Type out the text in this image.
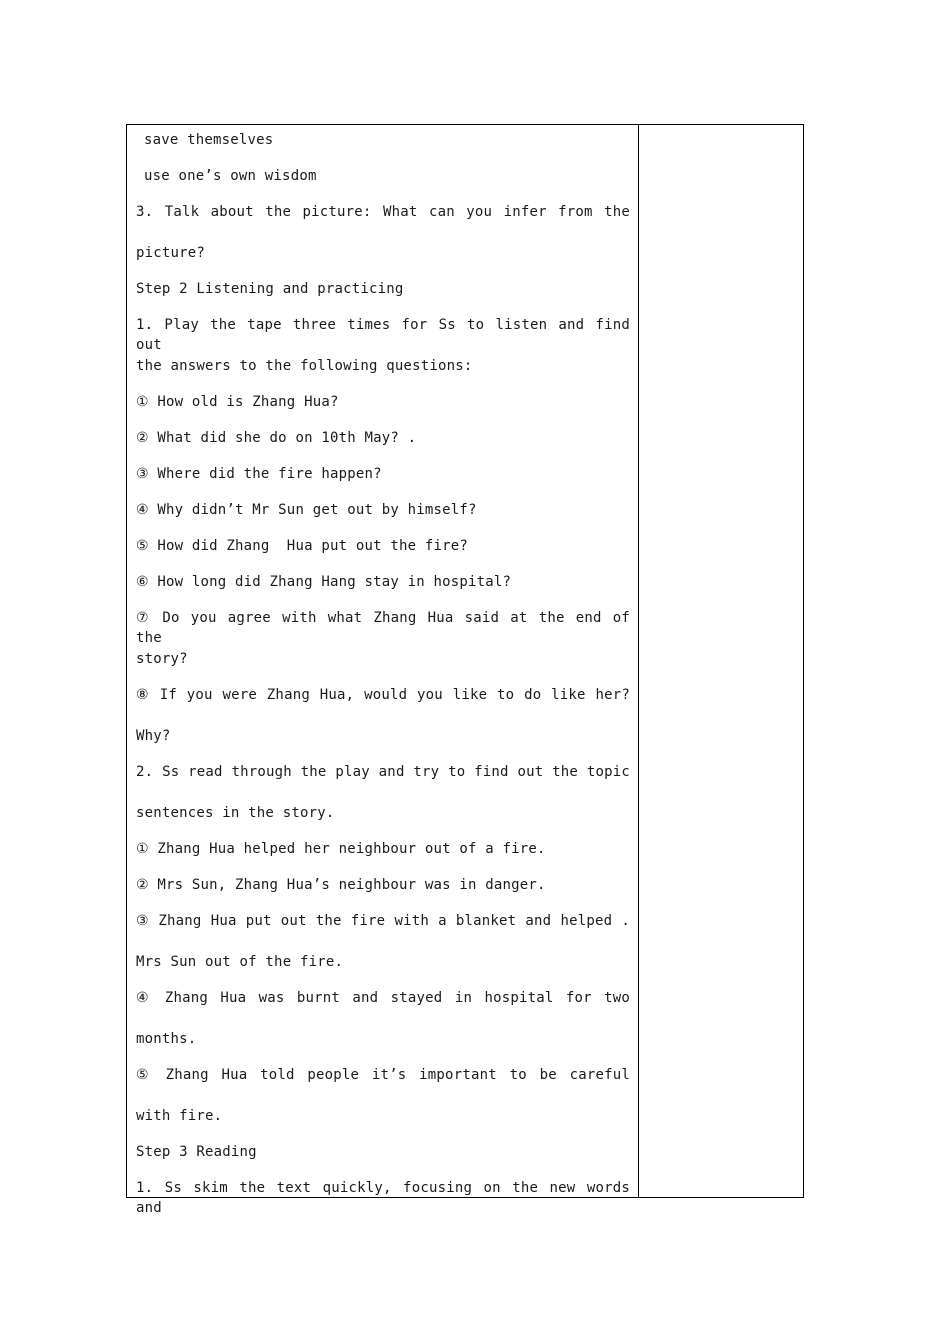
save themselves
use one’s own wisdom
3. Talk about the picture: What can you infer from the
picture?
Step 2 Listening and practicing
1. Play the tape three times for Ss to listen and find out
the answers to the following questions:
① How old is Zhang Hua?
② What did she do on 10th May? .
③ Where did the fire happen?
④ Why didn’t Mr Sun get out by himself?
⑤ How did Zhang  Hua put out the fire?
⑥ How long did Zhang Hang stay in hospital?
⑦ Do you agree with what Zhang Hua said at the end of the
story?
⑧ If you were Zhang Hua, would you like to do like her?
Why?
2. Ss read through the play and try to find out the topic
sentences in the story.
① Zhang Hua helped her neighbour out of a fire.
② Mrs Sun, Zhang Hua’s neighbour was in danger.
③ Zhang Hua put out the fire with a blanket and helped .
Mrs Sun out of the fire.
④ Zhang Hua was burnt and stayed in hospital for two
months.
⑤ Zhang Hua told people it’s important to be careful
with fire.
Step 3 Reading
1. Ss skim the text quickly, focusing on the new words and
